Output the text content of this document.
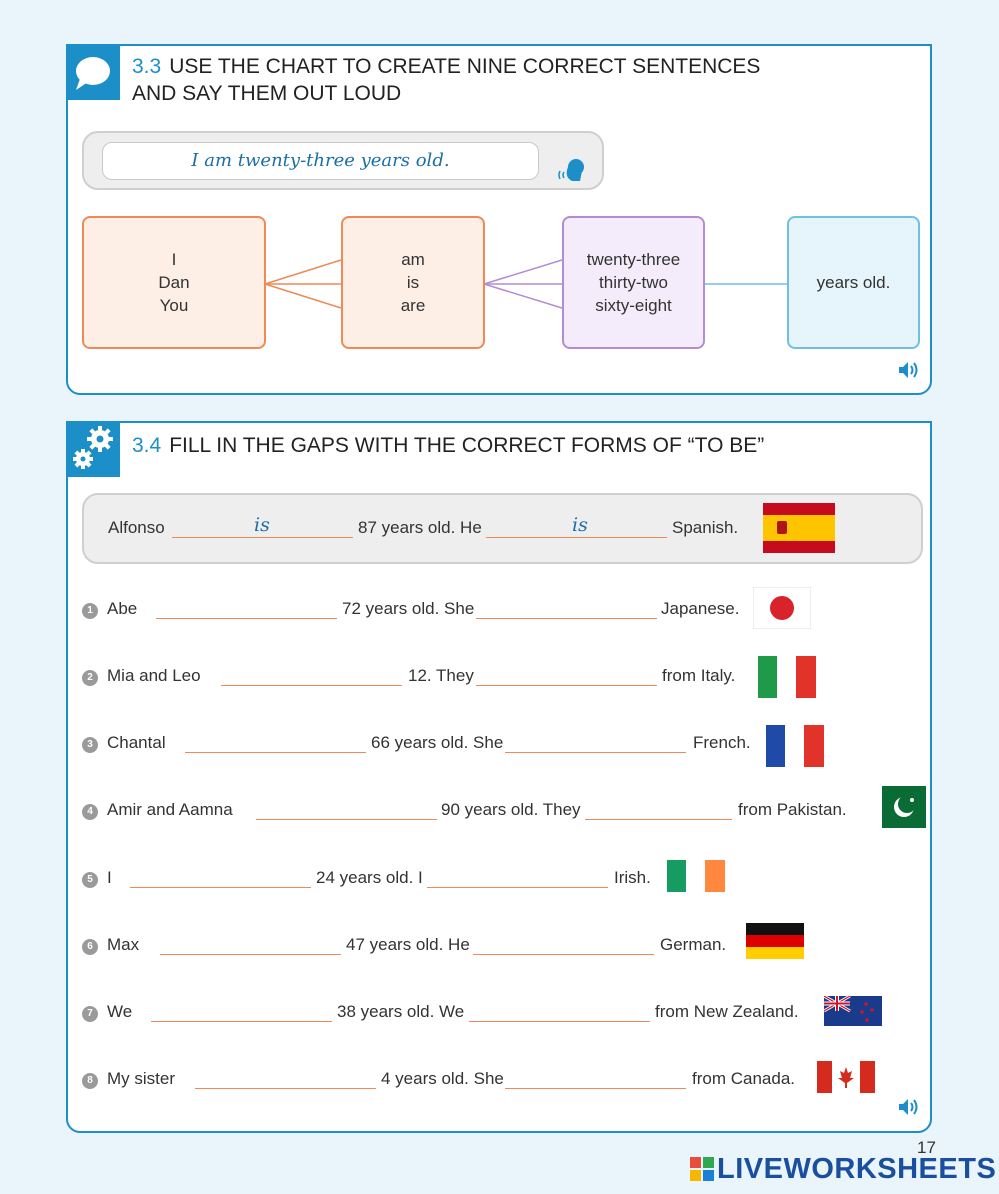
3.3 USE THE CHART TO CREATE NINE CORRECT SENTENCES
AND SAY THEM OUT LOUD
I am twenty-three years old.
I
Dan
You
am
is
are
twenty-three
thirty-two
sixty-eight
years old.
3.4 FILL IN THE GAPS WITH THE CORRECT FORMS OF “TO BE”
Alfonso	is	87 years old. He	is	Spanish.
1 Abe	72 years old. She	Japanese.
2 Mia and Leo	12. They	from Italy.
3 Chantal	66 years old. She	French.
4 Amir and Aamna	90 years old. They	from Pakistan.
5 I	24 years old. I	Irish.
6 Max	47 years old. He	German.
7 We	38 years old. We	from New Zealand.
8 My sister	4 years old. She	from Canada.
17
LIVEWORKSHEETS
